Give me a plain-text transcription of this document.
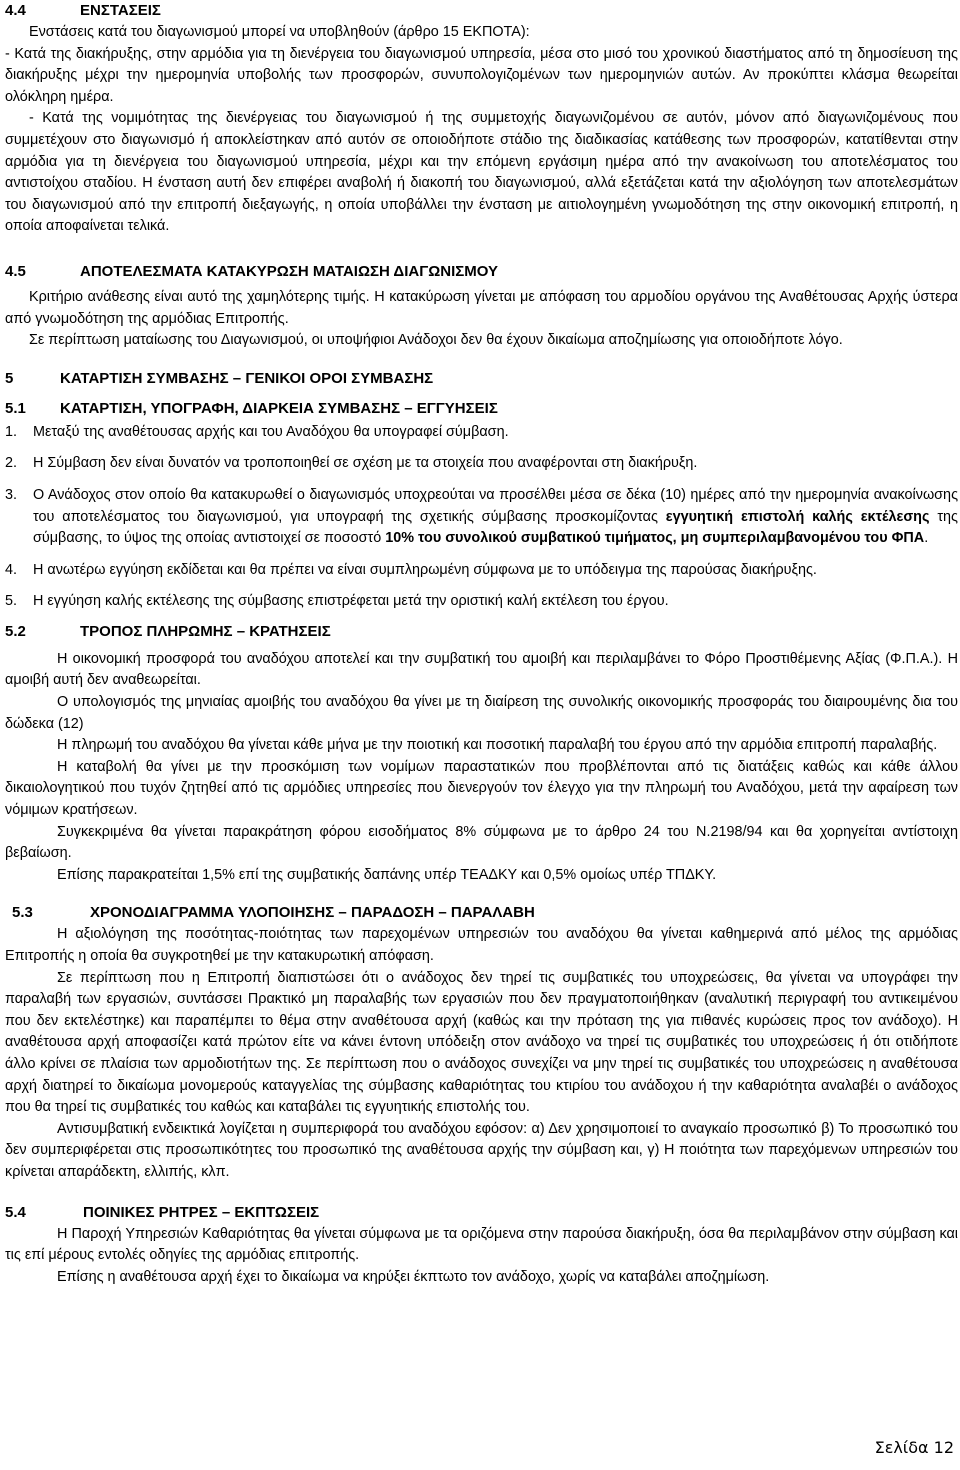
4.4	ΕΝΣΤΑΣΕΙΣ

Ενστάσεις κατά του διαγωνισμού μπορεί να υποβληθούν (άρθρο 15 ΕΚΠΟΤΑ):

- Κατά της διακήρυξης, στην αρμόδια για τη διενέργεια του διαγωνισμού υπηρεσία, μέσα στο μισό του χρονικού διαστήματος από τη δημοσίευση της διακήρυξης μέχρι την ημερομηνία υποβολής των προσφορών, συνυπολογιζομένων των ημερομηνιών αυτών. Αν προκύπτει κλάσμα θεωρείται ολόκληρη ημέρα.

- Κατά της νομιμότητας της διενέργειας του διαγωνισμού ή της συμμετοχής διαγωνιζομένου σε αυτόν, μόνον από διαγωνιζομένους που συμμετέχουν στο διαγωνισμό ή αποκλείστηκαν από αυτόν σε οποιοδήποτε στάδιο της διαδικασίας κατάθεσης των προσφορών, κατατίθενται στην αρμόδια για τη διενέργεια του διαγωνισμού υπηρεσία, μέχρι και την επόμενη εργάσιμη ημέρα από την ανακοίνωση του αποτελέσματος του αντιστοίχου σταδίου. Η ένσταση αυτή δεν επιφέρει αναβολή ή διακοπή του διαγωνισμού, αλλά εξετάζεται κατά την αξιολόγηση των αποτελεσμάτων του διαγωνισμού από την επιτροπή διεξαγωγής, η οποία υποβάλλει την ένσταση με αιτιολογημένη γνωμοδότηση της στην οικονομική επιτροπή, η οποία αποφαίνεται τελικά.

4.5	ΑΠΟΤΕΛΕΣΜΑΤΑ ΚΑΤΑΚΥΡΩΣΗ ΜΑΤΑΙΩΣΗ ΔΙΑΓΩΝΙΣΜΟΥ

Κριτήριο ανάθεσης είναι αυτό της χαμηλότερης τιμής. Η κατακύρωση γίνεται με απόφαση του αρμοδίου οργάνου της Αναθέτουσας Αρχής ύστερα από γνωμοδότηση της αρμόδιας Επιτροπής.

Σε περίπτωση ματαίωσης του Διαγωνισμού, οι υποψήφιοι Ανάδοχοι δεν θα έχουν δικαίωμα αποζημίωσης για οποιοδήποτε λόγο.

5	ΚΑΤΑΡΤΙΣΗ ΣΥΜΒΑΣΗΣ – ΓΕΝΙΚΟΙ ΟΡΟΙ ΣΥΜΒΑΣΗΣ
5.1	ΚΑΤΑΡΤΙΣΗ, ΥΠΟΓΡΑΦΗ, ΔΙΑΡΚΕΙΑ ΣΥΜΒΑΣΗΣ – ΕΓΓΥΗΣΕΙΣ
1.	Μεταξύ της αναθέτουσας αρχής και του Αναδόχου θα υπογραφεί σύμβαση.
2.	Η Σύμβαση δεν είναι δυνατόν να τροποποιηθεί σε σχέση με τα στοιχεία που αναφέρονται στη διακήρυξη.
3.	Ο Ανάδοχος στον οποίο θα κατακυρωθεί ο διαγωνισμός υποχρεούται να προσέλθει μέσα σε δέκα (10) ημέρες από την ημερομηνία ανακοίνωσης του αποτελέσματος του διαγωνισμού, για υπογραφή της σχετικής σύμβασης προσκομίζοντας εγγυητική επιστολή καλής εκτέλεσης της σύμβασης, το ύψος της οποίας αντιστοιχεί σε ποσοστό 10% του συνολικού συμβατικού τιμήματος, μη συμπεριλαμβανομένου του ΦΠΑ.
4.	Η ανωτέρω εγγύηση εκδίδεται και θα πρέπει να είναι συμπληρωμένη σύμφωνα με το υπόδειγμα της παρούσας διακήρυξης.
5.	Η εγγύηση καλής εκτέλεσης της σύμβασης επιστρέφεται μετά την οριστική καλή εκτέλεση του έργου.
5.2	ΤΡΟΠΟΣ ΠΛΗΡΩΜΗΣ – ΚΡΑΤΗΣΕΙΣ

Η οικονομική προσφορά του αναδόχου αποτελεί και την συμβατική του αμοιβή και περιλαμβάνει το Φόρο Προστιθέμενης Αξίας (Φ.Π.Α.). Η αμοιβή αυτή δεν αναθεωρείται.

Ο υπολογισμός της μηνιαίας αμοιβής του αναδόχου θα γίνει με τη διαίρεση της συνολικής οικονομικής προσφοράς του διαιρουμένης δια του δώδεκα (12)

Η πληρωμή του αναδόχου θα γίνεται κάθε μήνα με την ποιοτική και ποσοτική παραλαβή του έργου από την αρμόδια επιτροπή παραλαβής.

Η καταβολή θα γίνει με την προσκόμιση των νομίμων παραστατικών που προβλέπονται από τις διατάξεις καθώς και κάθε άλλου δικαιολογητικού που τυχόν ζητηθεί από τις αρμόδιες υπηρεσίες που διενεργούν τον έλεγχο για την πληρωμή του Αναδόχου, μετά την αφαίρεση των νόμιμων κρατήσεων.

Συγκεκριμένα θα γίνεται παρακράτηση φόρου εισοδήματος 8% σύμφωνα με το άρθρο 24 του Ν.2198/94 και θα χορηγείται αντίστοιχη βεβαίωση.

Επίσης παρακρατείται 1,5% επί της συμβατικής δαπάνης υπέρ ΤΕΑΔΚΥ και 0,5% ομοίως υπέρ ΤΠΔΚΥ.

5.3	ΧΡΟΝΟΔΙΑΓΡΑΜΜΑ ΥΛΟΠΟΙΗΣΗΣ – ΠΑΡΑΔΟΣΗ – ΠΑΡΑΛΑΒΗ

Η αξιολόγηση της ποσότητας-ποιότητας των παρεχομένων υπηρεσιών του αναδόχου θα γίνεται καθημερινά από μέλος της αρμόδιας Επιτροπής η οποία θα συγκροτηθεί με την κατακυρωτική απόφαση.

Σε περίπτωση που η Επιτροπή διαπιστώσει ότι ο ανάδοχος δεν τηρεί τις συμβατικές του υποχρεώσεις, θα γίνεται να υπογράφει την παραλαβή των εργασιών, συντάσσει Πρακτικό μη παραλαβής των εργασιών που δεν πραγματοποιήθηκαν (αναλυτική περιγραφή του αντικειμένου που δεν εκτελέστηκε) και παραπέμπει το θέμα στην αναθέτουσα αρχή (καθώς και την πρόταση της για πιθανές κυρώσεις προς τον ανάδοχο). Η αναθέτουσα αρχή αποφασίζει κατά πρώτον είτε να κάνει έντονη υπόδειξη στον ανάδοχο να τηρεί τις συμβατικές του υποχρεώσεις ή ότι οτιδήποτε άλλο κρίνει σε πλαίσια των αρμοδιοτήτων της. Σε περίπτωση που ο ανάδοχος συνεχίζει να μην τηρεί τις συμβατικές του υποχρεώσεις η αναθέτουσα αρχή διατηρεί το δικαίωμα μονομερούς καταγγελίας της σύμβασης καθαριότητας του κτιρίου του ανάδοχου ή την καθαριότητα αναλαβέι ο ανάδοχος που θα τηρεί τις συμβατικές του καθώς και καταβάλει τις εγγυητικής επιστολής του.

Αντισυμβατική ενδεικτικά λογίζεται η συμπεριφορά του αναδόχου εφόσον: α) Δεν χρησιμοποιεί το αναγκαίο προσωπικό β) Το προσωπικό του δεν συμπεριφέρεται στις προσωπικότητες του προσωπικό της αναθέτουσα αρχής την σύμβαση και, γ) Η ποιότητα των παρεχόμενων υπηρεσιών του κρίνεται απαράδεκτη, ελλιπής, κλπ.

5.4	ΠΟΙΝΙΚΕΣ ΡΗΤΡΕΣ – ΕΚΠΤΩΣΕΙΣ

Η Παροχή Υπηρεσιών Καθαριότητας θα γίνεται σύμφωνα με τα οριζόμενα στην παρούσα διακήρυξη, όσα θα περιλαμβάνον στην σύμβαση και τις επί μέρους εντολές οδηγίες της αρμόδιας επιτροπής.

Επίσης η αναθέτουσα αρχή έχει το δικαίωμα να κηρύξει έκπτωτο τον ανάδοχο, χωρίς να καταβάλει αποζημίωση.

Σελίδα 12
